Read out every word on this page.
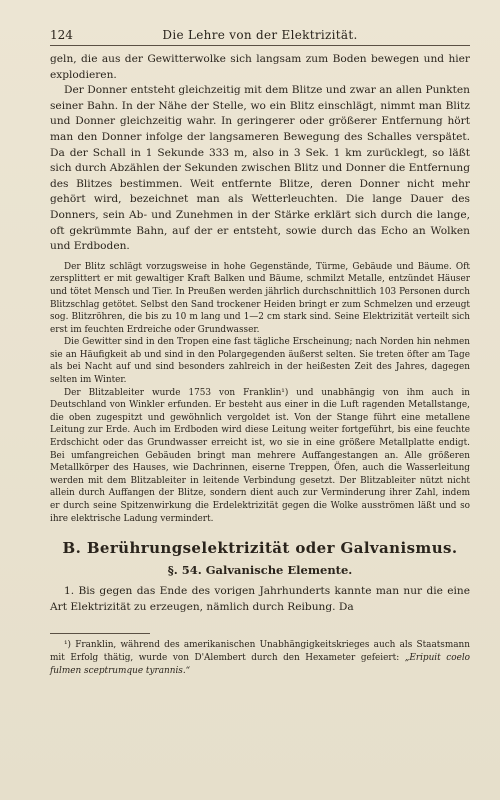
124	Die Lehre von der Elektrizität.

geln, die aus der Gewitterwolke sich langsam zum Boden bewegen und hier explodieren.

Der Donner entsteht gleichzeitig mit dem Blitze und zwar an allen Punkten seiner Bahn. In der Nähe der Stelle, wo ein Blitz einschlägt, nimmt man Blitz und Donner gleichzeitig wahr. In geringerer oder größerer Entfernung hört man den Donner infolge der langsameren Bewegung des Schalles verspätet. Da der Schall in 1 Sekunde 333 m, also in 3 Sek. 1 km zurücklegt, so läßt sich durch Abzählen der Sekunden zwischen Blitz und Donner die Entfernung des Blitzes bestimmen. Weit entfernte Blitze, deren Donner nicht mehr gehört wird, bezeichnet man als Wetterleuchten. Die lange Dauer des Donners, sein Ab- und Zunehmen in der Stärke erklärt sich durch die lange, oft gekrümmte Bahn, auf der er entsteht, sowie durch das Echo an Wolken und Erdboden.

Der Blitz schlägt vorzugsweise in hohe Gegenstände, Türme, Gebäude und Bäume. Oft zersplittert er mit gewaltiger Kraft Balken und Bäume, schmilzt Metalle, entzündet Häuser und tötet Mensch und Tier. In Preußen werden jährlich durchschnittlich 103 Personen durch Blitzschlag getötet. Selbst den Sand trockener Heiden bringt er zum Schmelzen und erzeugt sog. Blitzröhren, die bis zu 10 m lang und 1—2 cm stark sind. Seine Elektrizität verteilt sich erst im feuchten Erdreiche oder Grundwasser.

Die Gewitter sind in den Tropen eine fast tägliche Erscheinung; nach Norden hin nehmen sie an Häufigkeit ab und sind in den Polargegenden äußerst selten. Sie treten öfter am Tage als bei Nacht auf und sind besonders zahlreich in der heißesten Zeit des Jahres, dagegen selten im Winter.

Der Blitzableiter wurde 1753 von Franklin¹) und unabhängig von ihm auch in Deutschland von Winkler erfunden. Er besteht aus einer in die Luft ragenden Metallstange, die oben zugespitzt und gewöhnlich vergoldet ist. Von der Stange führt eine metallene Leitung zur Erde. Auch im Erdboden wird diese Leitung weiter fortgeführt, bis eine feuchte Erdschicht oder das Grundwasser erreicht ist, wo sie in eine größere Metallplatte endigt. Bei umfangreichen Gebäuden bringt man mehrere Auffangestangen an. Alle größeren Metallkörper des Hauses, wie Dachrinnen, eiserne Treppen, Öfen, auch die Wasserleitung werden mit dem Blitzableiter in leitende Verbindung gesetzt. Der Blitzableiter nützt nicht allein durch Auffangen der Blitze, sondern dient auch zur Verminderung ihrer Zahl, indem er durch seine Spitzenwirkung die Erdelektrizität gegen die Wolke ausströmen läßt und so ihre elektrische Ladung vermindert.

B. Berührungselektrizität oder Galvanismus.
§. 54. Galvanische Elemente.

1. Bis gegen das Ende des vorigen Jahrhunderts kannte man nur die eine Art Elektrizität zu erzeugen, nämlich durch Reibung. Da

¹) Franklin, während des amerikanischen Unabhängigkeitskrieges auch als Staatsmann mit Erfolg thätig, wurde von D'Alembert durch den Hexameter gefeiert: „Eripuit coelo fulmen sceptrumque tyrannis.“
